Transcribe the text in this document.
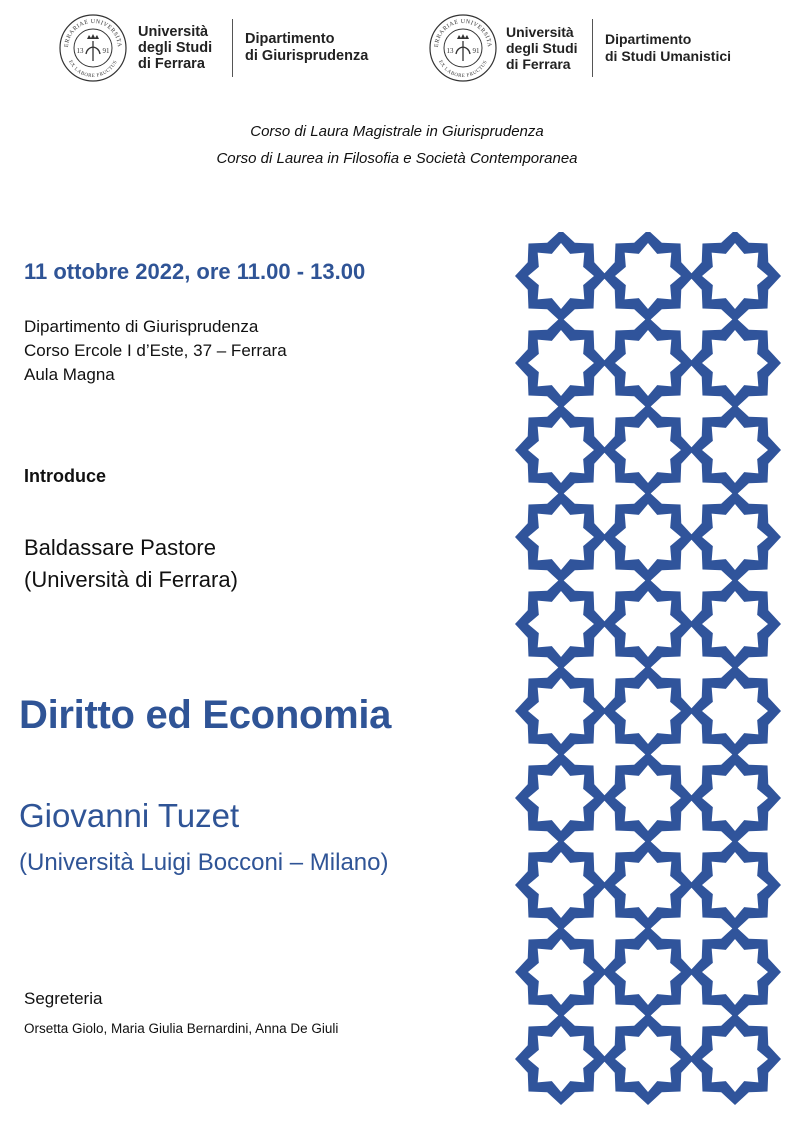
ERRARIAE UNIVERSITA
EX LABORE FRUCTUS
13	91
Università
degli Studi
di Ferrara
Dipartimento
di Giurisprudenza
ERRARIAE UNIVERSITA
EX LABORE FRUCTUS
13	91
Università
degli Studi
di Ferrara
Dipartimento
di Studi Umanistici
Corso di Laura Magistrale in Giurisprudenza
Corso di Laurea in Filosofia e Società Contemporanea
11 ottobre 2022, ore 11.00 - 13.00
Dipartimento di Giurisprudenza
Corso Ercole I d’Este, 37 – Ferrara
Aula Magna
Introduce
Baldassare Pastore
(Università di Ferrara)
Diritto ed Economia
Giovanni Tuzet
(Università Luigi Bocconi – Milano)
Segreteria
Orsetta Giolo, Maria Giulia Bernardini, Anna De Giuli
